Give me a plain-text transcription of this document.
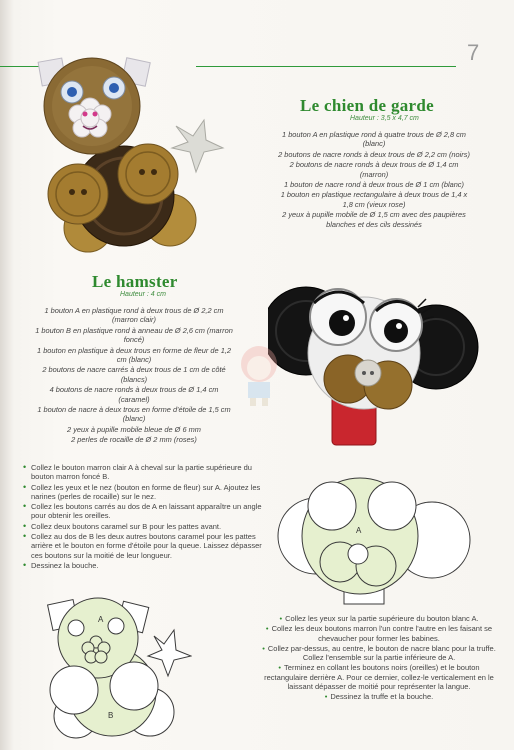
7
Le chien de garde
Hauteur : 3,5 x 4,7 cm

1 bouton A en plastique rond à quatre trous de Ø 2,8 cm (blanc)

2 boutons de nacre ronds à deux trous de Ø 2,2 cm (noirs)

2 boutons de nacre ronds à deux trous de Ø 1,4 cm (marron)

1 bouton de nacre rond à deux trous de Ø 1 cm (blanc)

1 bouton en plastique rectangulaire à deux trous de 1,4 x 1,8 cm (vieux rose)

2 yeux à pupille mobile de Ø 1,5 cm avec des paupières blanches et des cils dessinés

Le hamster
Hauteur : 4 cm

1 bouton A en plastique rond à deux trous de Ø 2,2 cm (marron clair)

1 bouton B en plastique rond à anneau de Ø 2,6 cm (marron foncé)

1 bouton en plastique à deux trous en forme de fleur de 1,2 cm (blanc)

2 boutons de nacre carrés à deux trous de 1 cm de côté (blancs)

4 boutons de nacre ronds à deux trous de Ø 1,4 cm (caramel)

1 bouton de nacre à deux trous en forme d'étoile de 1,5 cm (blanc)

2 yeux à pupille mobile bleue de Ø 6 mm

2 perles de rocaille de Ø 2 mm (roses)

• Collez le bouton marron clair A à cheval sur la partie supérieure du bouton marron foncé B.
• Collez les yeux et le nez (bouton en forme de fleur) sur A. Ajoutez les narines (perles de rocaille) sur le nez.
• Collez les boutons carrés au dos de A en laissant apparaître un angle pour obtenir les oreilles.
• Collez deux boutons caramel sur B pour les pattes avant.
• Collez au dos de B les deux autres boutons caramel pour les pattes arrière et le bouton en forme d'étoile pour la queue. Laissez dépasser ces boutons sur la moitié de leur longueur.
• Dessinez la bouche.
A
A
B
• Collez les yeux sur la partie supérieure du bouton blanc A.
• Collez les deux boutons marron l'un contre l'autre en les faisant se chevaucher pour former les babines.
• Collez par-dessus, au centre, le bouton de nacre blanc pour la truffe. Collez l'ensemble sur la partie inférieure de A.
• Terminez en collant les boutons noirs (oreilles) et le bouton rectangulaire derrière A. Pour ce dernier, collez-le verticalement en le laissant dépasser de moitié pour représenter la langue.
• Dessinez la truffe et la bouche.
